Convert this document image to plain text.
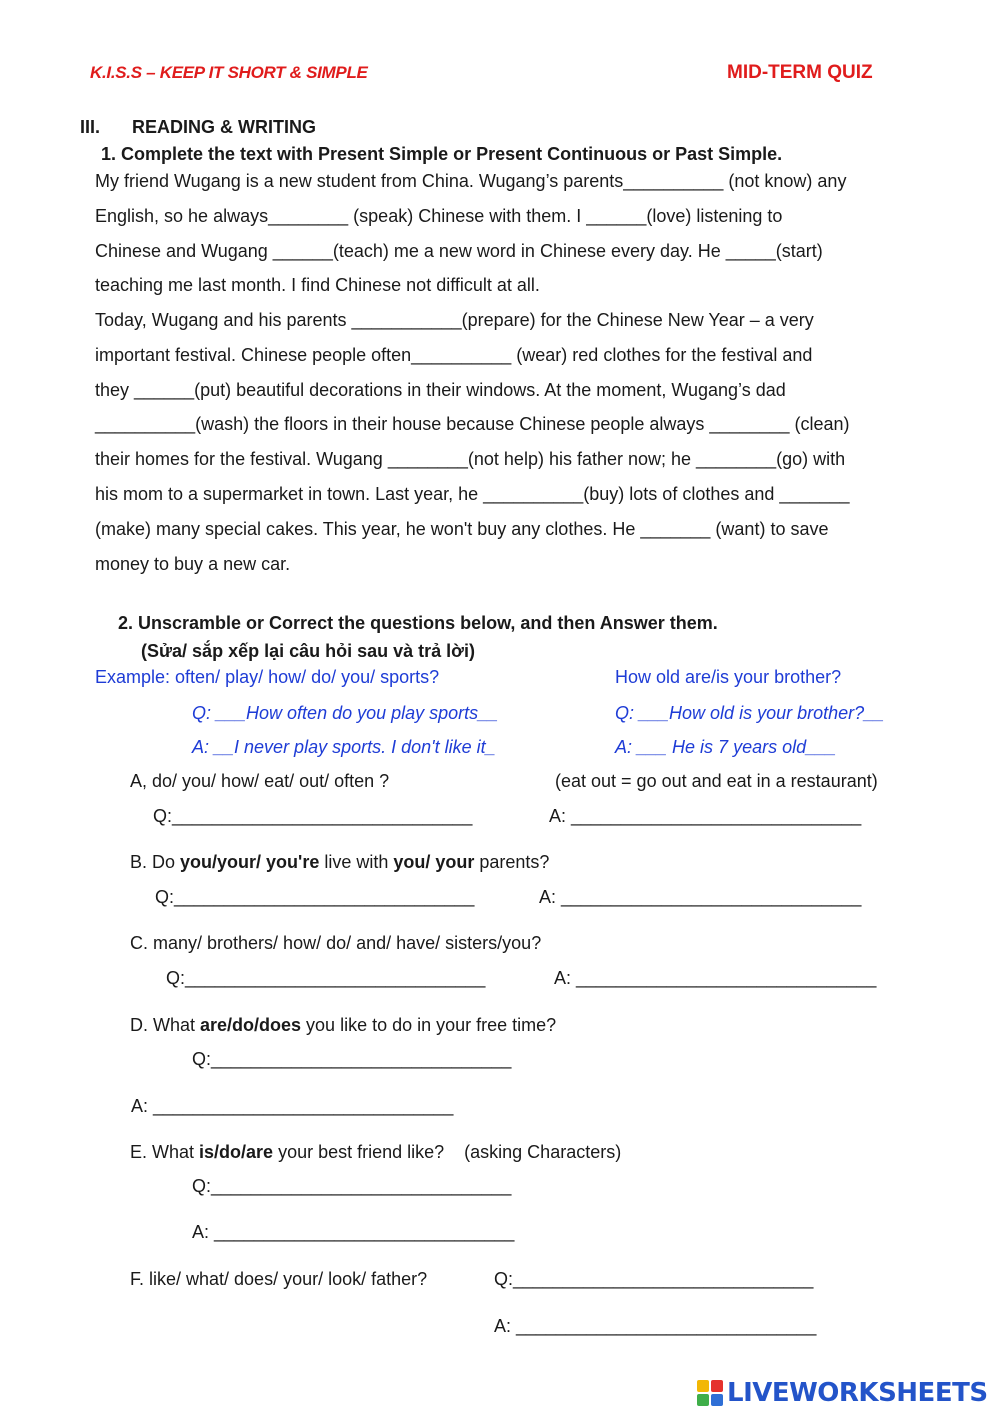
K.I.S.S – KEEP IT SHORT & SIMPLE	MID-TERM QUIZ
III. READING & WRITING
1. Complete the text with Present Simple or Present Continuous or Past Simple.
My friend Wugang is a new student from China. Wugang’s parents__________ (not know) any
English, so he always________ (speak) Chinese with them. I ______(love) listening to
Chinese and Wugang ______(teach) me a new word in Chinese every day. He _____(start)
teaching me last month. I find Chinese not difficult at all.
Today, Wugang and his parents ___________(prepare) for the Chinese New Year – a very
important festival. Chinese people often__________ (wear) red clothes for the festival and
they ______(put) beautiful decorations in their windows. At the moment, Wugang’s dad
__________(wash) the floors in their house because Chinese people always ________ (clean)
their homes for the festival. Wugang ________(not help) his father now; he ________(go) with
his mom to a supermarket in town. Last year, he __________(buy) lots of clothes and _______
(make) many special cakes. This year, he won't buy any clothes. He _______ (want) to save
money to buy a new car.
2. Unscramble or Correct the questions below, and then Answer them.
(Sửa/ sắp xếp lại câu hỏi sau và trả lời)
Example: often/ play/ how/ do/ you/ sports?
Q: ___How often do you play sports__
A: __I never play sports. I don't like it_
How old are/is your brother?
Q: ___How old is your brother?__
A: ___ He is 7 years old___
A, do/ you/ how/ eat/ out/ often ?	(eat out = go out and eat in a restaurant)
Q:______________________________	A: _____________________________
B. Do you/your/ you're live with you/ your parents?
Q:______________________________	A: ______________________________
C. many/ brothers/ how/ do/ and/ have/ sisters/you?
Q:______________________________	A: ______________________________
D. What are/do/does you like to do in your free time?
Q:______________________________
A: ______________________________
E. What is/do/are your best friend like?    (asking Characters)
Q:______________________________
A: ______________________________
F. like/ what/ does/ your/ look/ father?	Q:______________________________
A: ______________________________
LIVEWORKSHEETS
